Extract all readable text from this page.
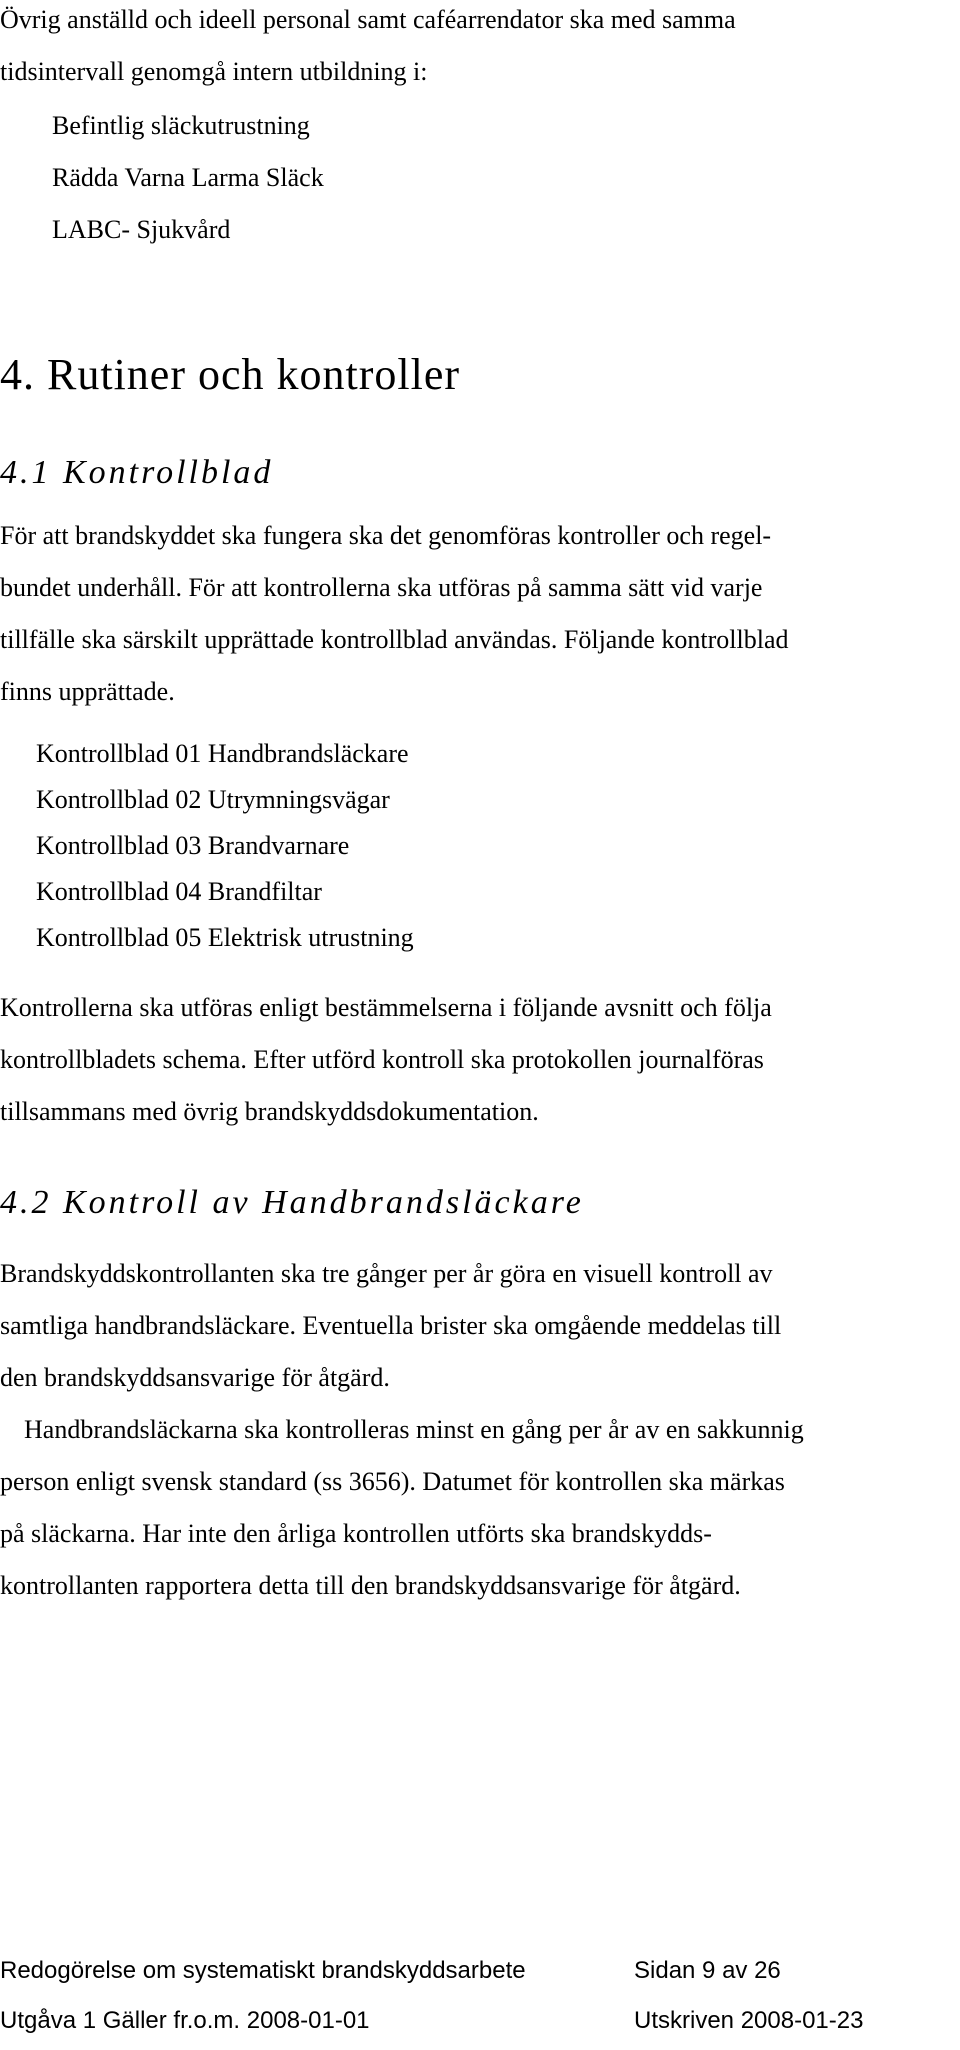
Övrig anställd och ideell personal samt caféarrendator ska med samma

tidsintervall genomgå intern utbildning i:

Befintlig släckutrustning

Rädda Varna Larma Släck

LABC- Sjukvård

4. Rutiner och kontroller
4.1 Kontrollblad

För att brandskyddet ska fungera ska det genomföras kontroller och regel-

bundet underhåll. För att kontrollerna ska utföras på samma sätt vid varje

tillfälle ska särskilt upprättade kontrollblad användas. Följande kontrollblad

finns upprättade.

Kontrollblad 01 Handbrandsläckare

Kontrollblad 02 Utrymningsvägar

Kontrollblad 03 Brandvarnare

Kontrollblad 04 Brandfiltar

Kontrollblad 05 Elektrisk utrustning

Kontrollerna ska utföras enligt bestämmelserna i följande avsnitt och följa

kontrollbladets schema. Efter utförd kontroll ska protokollen journalföras

tillsammans med övrig brandskyddsdokumentation.

4.2 Kontroll av Handbrandsläckare

Brandskyddskontrollanten ska tre gånger per år göra en visuell kontroll av

samtliga handbrandsläckare. Eventuella brister ska omgående meddelas till

den brandskyddsansvarige för åtgärd.

Handbrandsläckarna ska kontrolleras minst en gång per år av en sakkunnig

person enligt svensk standard (ss 3656). Datumet för kontrollen ska märkas

på släckarna. Har inte den årliga kontrollen utförts ska brandskydds-

kontrollanten rapportera detta till den brandskyddsansvarige för åtgärd.

Redogörelse om systematiskt brandskyddsarbete	Sidan 9 av 26
Utgåva 1 Gäller fr.o.m. 2008-01-01	Utskriven 2008-01-23
